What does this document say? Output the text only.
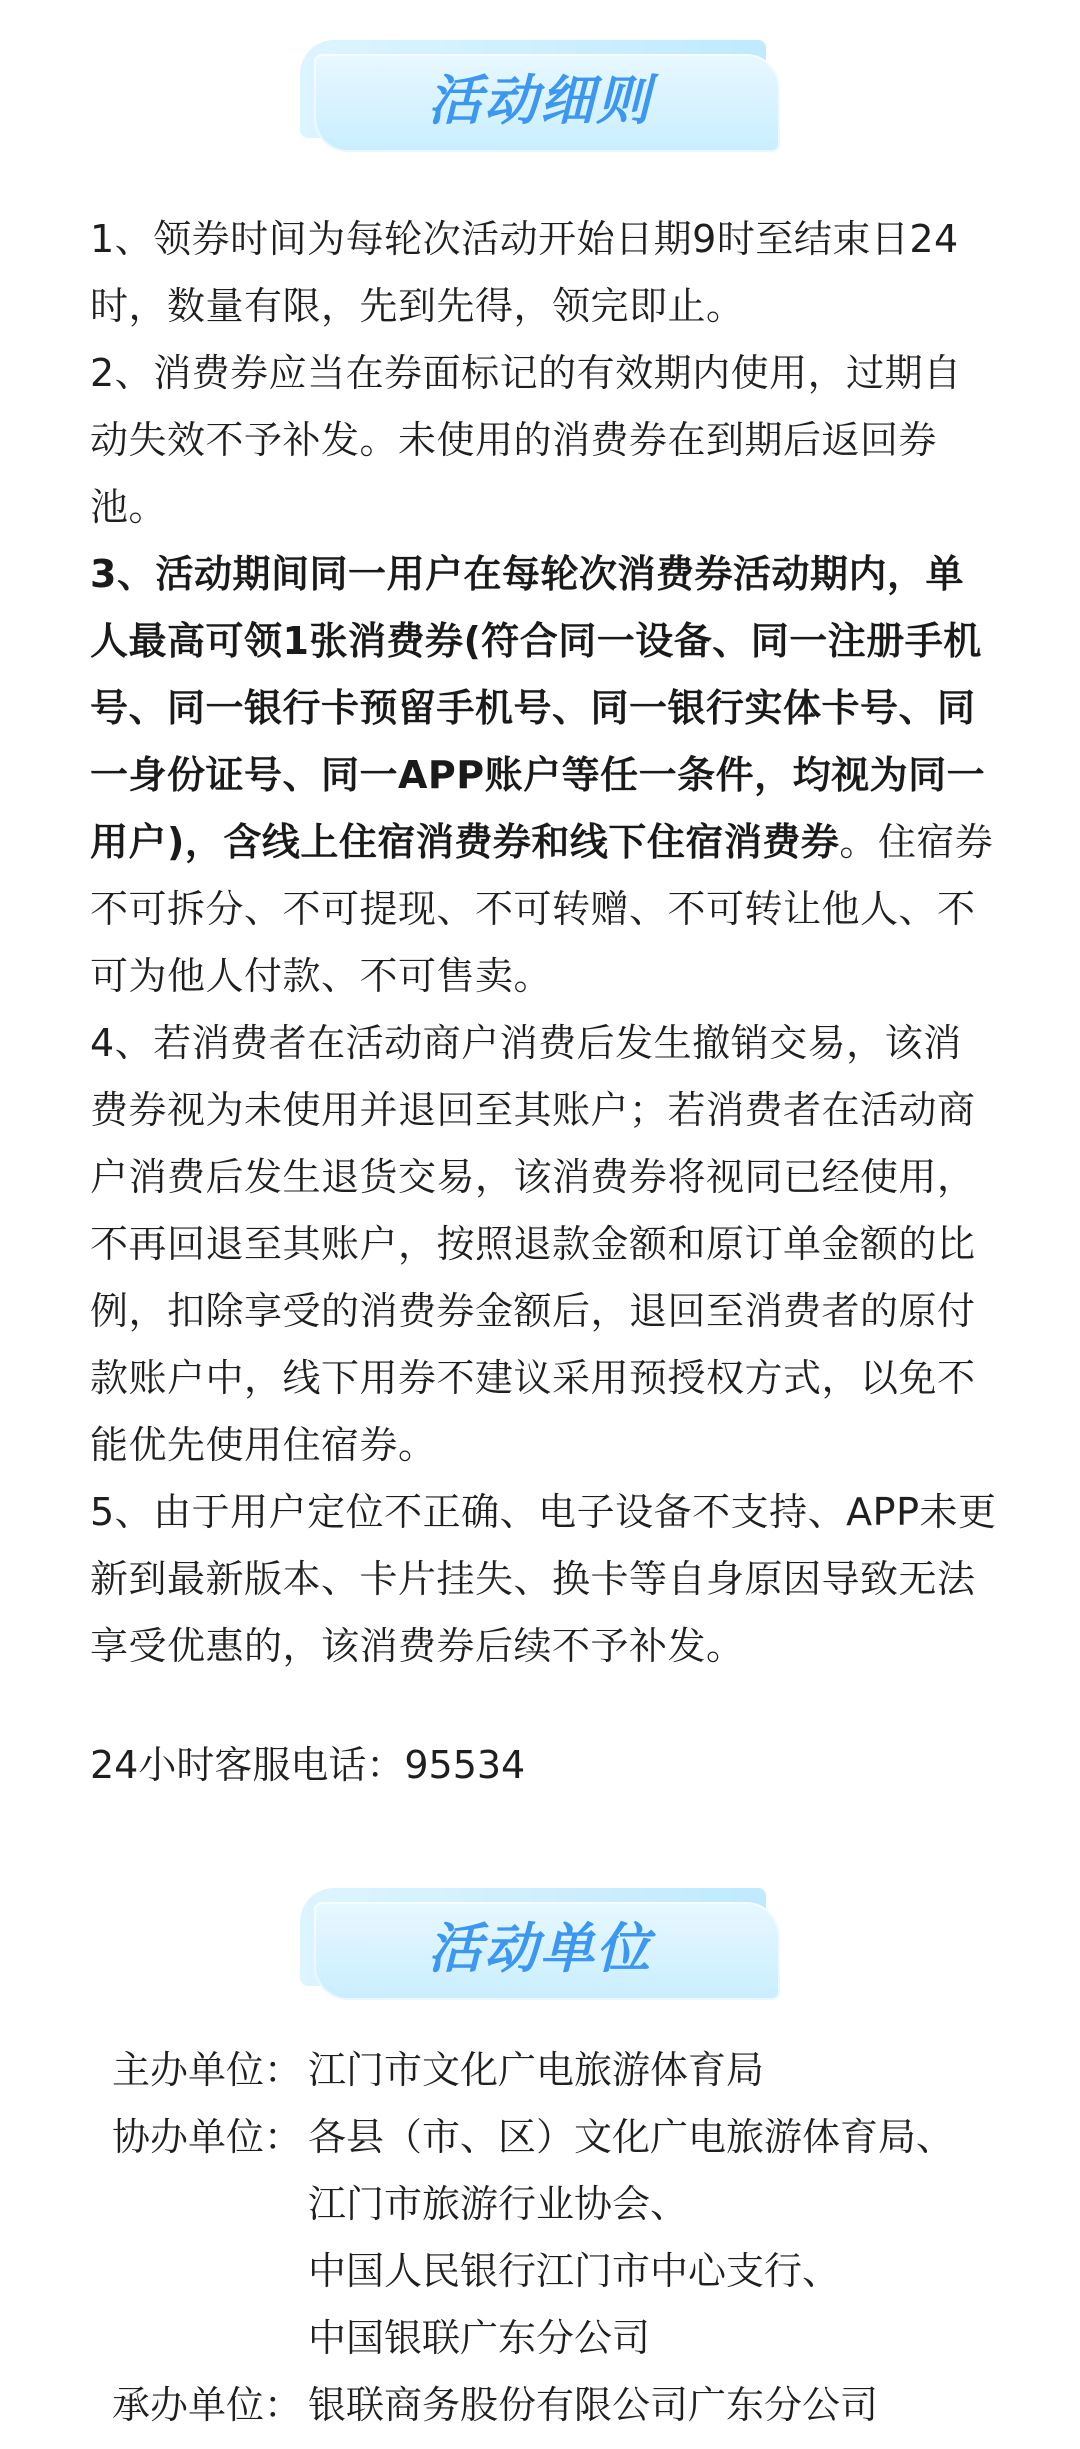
活动细则

1、领券时间为每轮次活动开始日期9时至结束日24时，数量有限，先到先得，领完即止。

2、消费券应当在券面标记的有效期内使用，过期自动失效不予补发。未使用的消费券在到期后返回券池。

3、活动期间同一用户在每轮次消费券活动期内，单人最高可领1张消费券(符合同一设备、同一注册手机号、同一银行卡预留手机号、同一银行实体卡号、同一身份证号、同一APP账户等任一条件，均视为同一用户)，含线上住宿消费券和线下住宿消费券。住宿券不可拆分、不可提现、不可转赠、不可转让他人、不可为他人付款、不可售卖。

4、若消费者在活动商户消费后发生撤销交易，该消费券视为未使用并退回至其账户；若消费者在活动商户消费后发生退货交易，该消费券将视同已经使用，不再回退至其账户，按照退款金额和原订单金额的比例，扣除享受的消费券金额后，退回至消费者的原付款账户中，线下用券不建议采用预授权方式，以免不能优先使用住宿券。

5、由于用户定位不正确、电子设备不支持、APP未更新到最新版本、卡片挂失、换卡等自身原因导致无法享受优惠的，该消费券后续不予补发。

24小时客服电话：95534
活动单位
主办单位： 江门市文化广电旅游体育局
协办单位： 各县（市、区）文化广电旅游体育局、
江门市旅游行业协会、
中国人民银行江门市中心支行、
中国银联广东分公司
承办单位： 银联商务股份有限公司广东分公司
